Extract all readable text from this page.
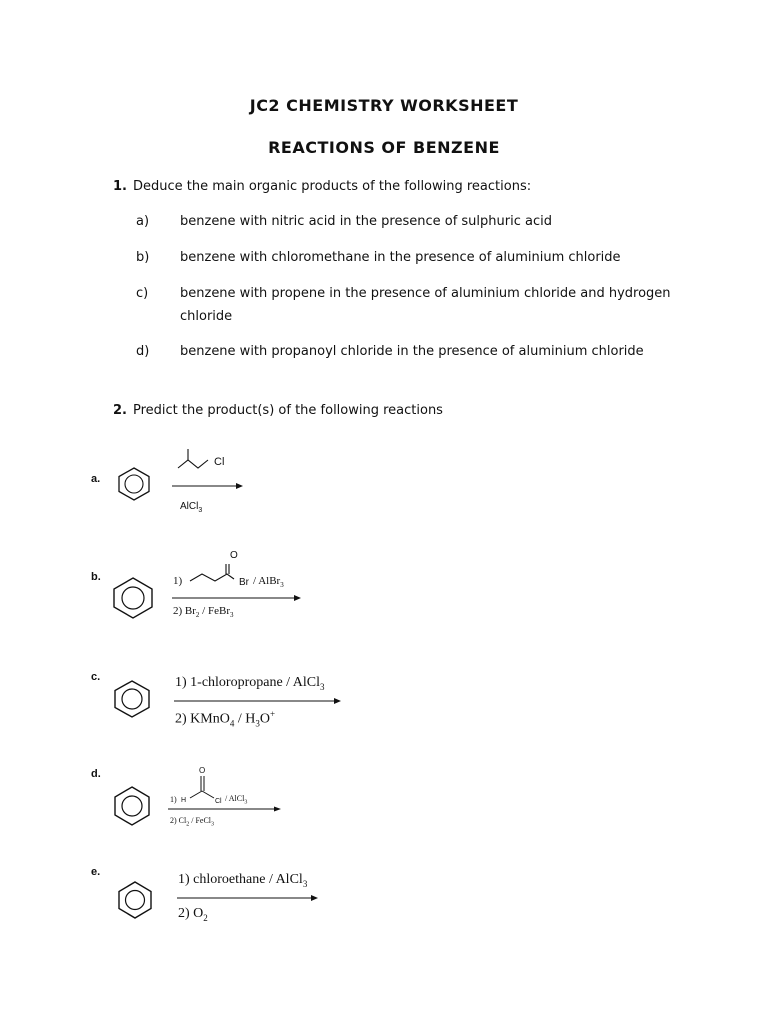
JC2 CHEMISTRY WORKSHEET
REACTIONS OF BENZENE
1. Deduce the main organic products of the following reactions:
a) benzene with nitric acid in the presence of sulphuric acid
b) benzene with chloromethane in the presence of aluminium chloride
c) benzene with propene in the presence of aluminium chloride and hydrogen chloride
d) benzene with propanoyl chloride in the presence of aluminium chloride
2. Predict the product(s) of the following reactions
a.
Cl
AlCl$_3$
b.	1)
O
Br / AlBr$_3$
2) $Br_2$ / FeBr$_3$
c.	1) 1-chloropropane / AlCl$_3$
2) KMnO$_4$ / $H_3O^+$
d.
1)
O
H	Cl / AlCl$_3$
2) $Cl_2$ / FeCl$_3$
e.	1) chloroethane / AlCl$_3$
2) $O_2$
